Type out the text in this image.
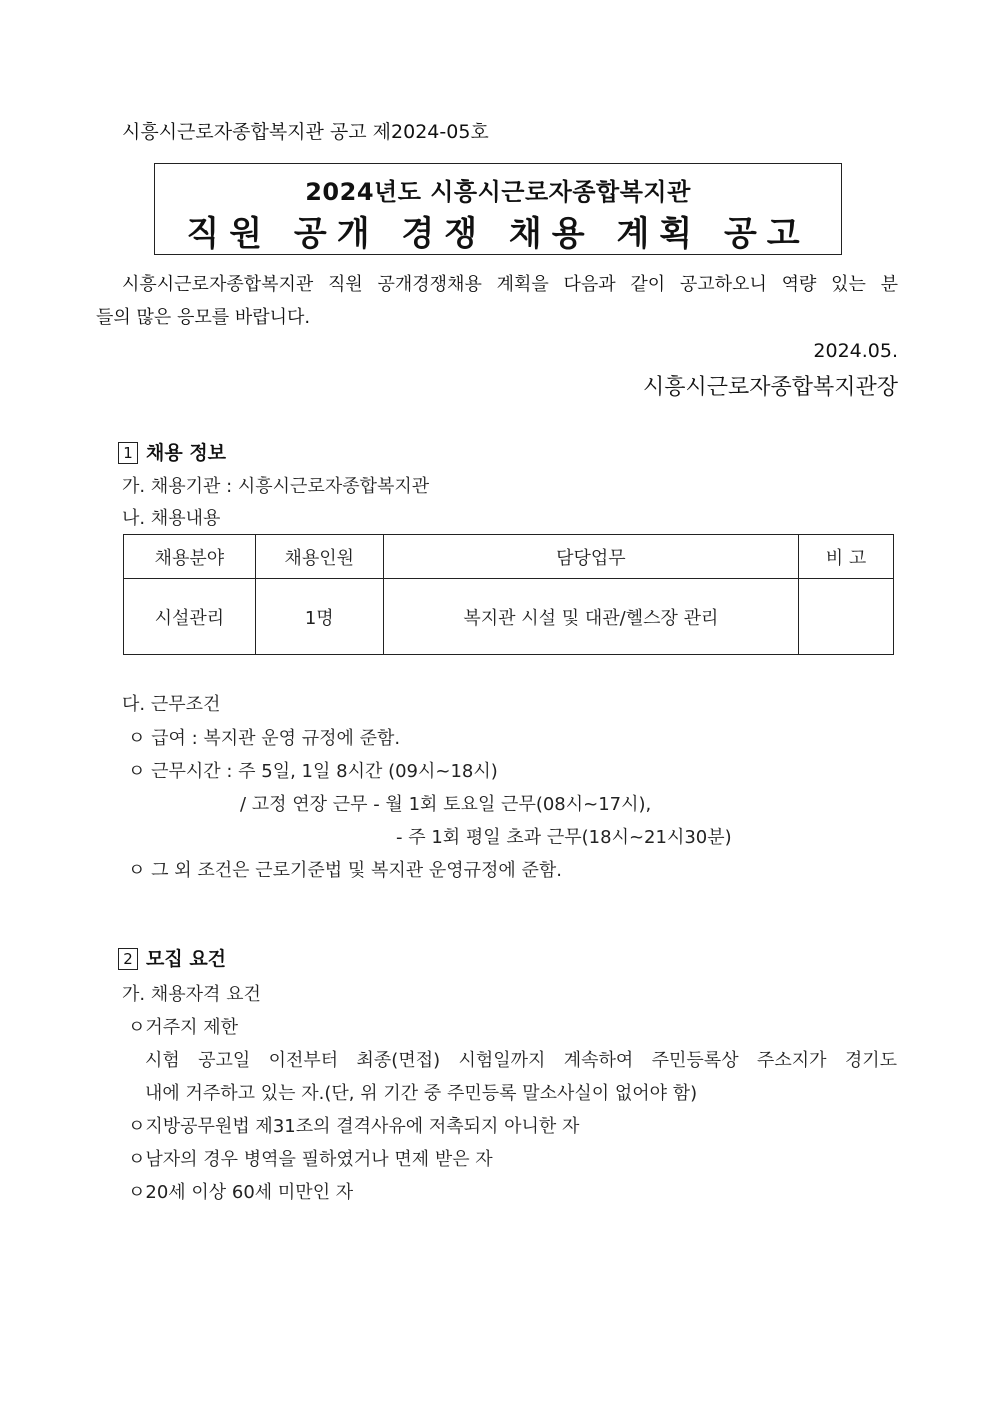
시흥시근로자종합복지관 공고 제2024-05호
2024년도 시흥시근로자종합복지관
직원 공개 경쟁 채용 계획 공고
시흥시근로자종합복지관 직원 공개경쟁채용 계획을 다음과 같이 공고하오니 역량 있는 분
들의 많은 응모를 바랍니다.
2024.05.
시흥시근로자종합복지관장
1 채용 정보
가. 채용기관 : 시흥시근로자종합복지관
나. 채용내용
채용분야	채용인원	담당업무	비 고
시설관리	1명	복지관 시설 및 대관/헬스장 관리	
다. 근무조건
ㅇ 급여 : 복지관 운영 규정에 준함.
ㅇ 근무시간 : 주 5일, 1일 8시간 (09시~18시)
/ 고정 연장 근무 - 월 1회 토요일 근무(08시~17시),
- 주 1회 평일 초과 근무(18시~21시30분)
ㅇ 그 외 조건은 근로기준법 및 복지관 운영규정에 준함.
2 모집 요건
가. 채용자격 요건
ㅇ거주지 제한
시험 공고일 이전부터 최종(면접) 시험일까지 계속하여 주민등록상 주소지가 경기도
내에 거주하고 있는 자.(단, 위 기간 중 주민등록 말소사실이 없어야 함)
ㅇ지방공무원법 제31조의 결격사유에 저촉되지 아니한 자
ㅇ남자의 경우 병역을 필하였거나 면제 받은 자
ㅇ20세 이상 60세 미만인 자
